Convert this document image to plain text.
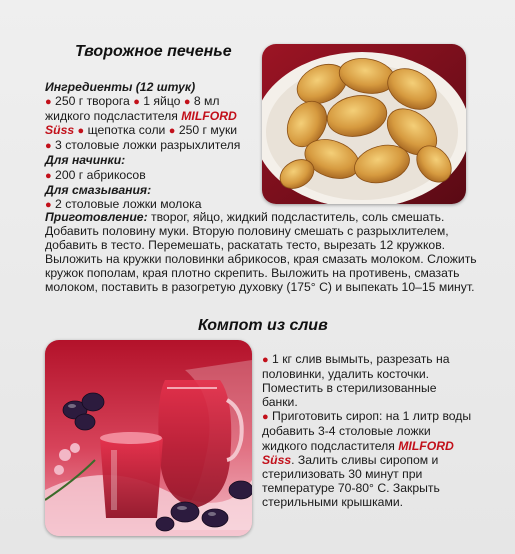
Творожное печенье
Ингредиенты (12 штук)
● 250 г творога ● 1 яйцо ● 8 мл жидкого подсластителя MILFORD Süss ● щепотка соли ● 250 г муки
● 3 столовые ложки разрыхлителя
Для начинки:
● 200 г абрикосов
Для смазывания:
● 2 столовые ложки молока
Приготовление: творог, яйцо, жидкий подсластитель, соль смешать. Добавить половину муки. Вторую половину смешать с разрыхлителем, добавить в тесто. Перемешать, раскатать тесто, вырезать 12 кружков. Выложить на кружки половинки абрикосов, края смазать молоком. Сложить кружок пополам, края плотно скрепить. Выложить на противень, смазать молоком, поставить в разогретую духовку (175° С) и выпекать 10–15 минут.
Компот из слив
● 1 кг слив вымыть, разрезать на половинки, удалить косточки. Поместить в стерилизованные банки.
● Приготовить сироп: на 1 литр воды добавить 3-4 столовые ложки жидкого подсластителя MILFORD Süss. Залить сливы сиропом и стерилизовать 30 минут при температуре 70-80° С. Закрыть стерильными крышками.
